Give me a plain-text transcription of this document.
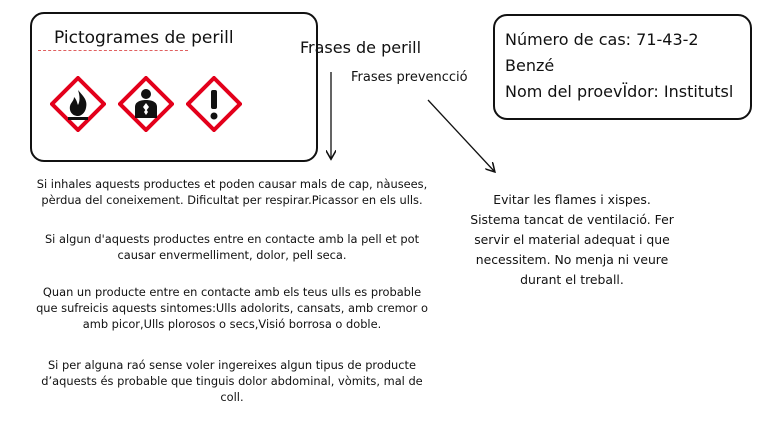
Pictogrames de perill	Número de cas: 71-43-2
Benzé
Nom del proevÏdor: Institutsl
Frases de perill
Frases prevencció
Si inhales aquests productes et poden causar mals de cap, nàusees,
pèrdua del coneixement. Dificultat per respirar.Picassor en els ulls.
Si algun d'aquests productes entre en contacte amb la pell et pot
causar envermelliment, dolor, pell seca.
Quan un producte entre en contacte amb els teus ulls es probable
que sufreicis aquests sintomes:Ulls adolorits, cansats, amb cremor o
amb picor,Ulls plorosos o secs,Visió borrosa o doble.
Si per alguna raó sense voler ingereixes algun tipus de producte
d’aquests és probable que tinguis dolor abdominal, vòmits, mal de
coll.
Evitar les flames i xispes.
Sistema tancat de ventilació. Fer
servir el material adequat i que
necessitem. No menja ni veure
durant el treball.
